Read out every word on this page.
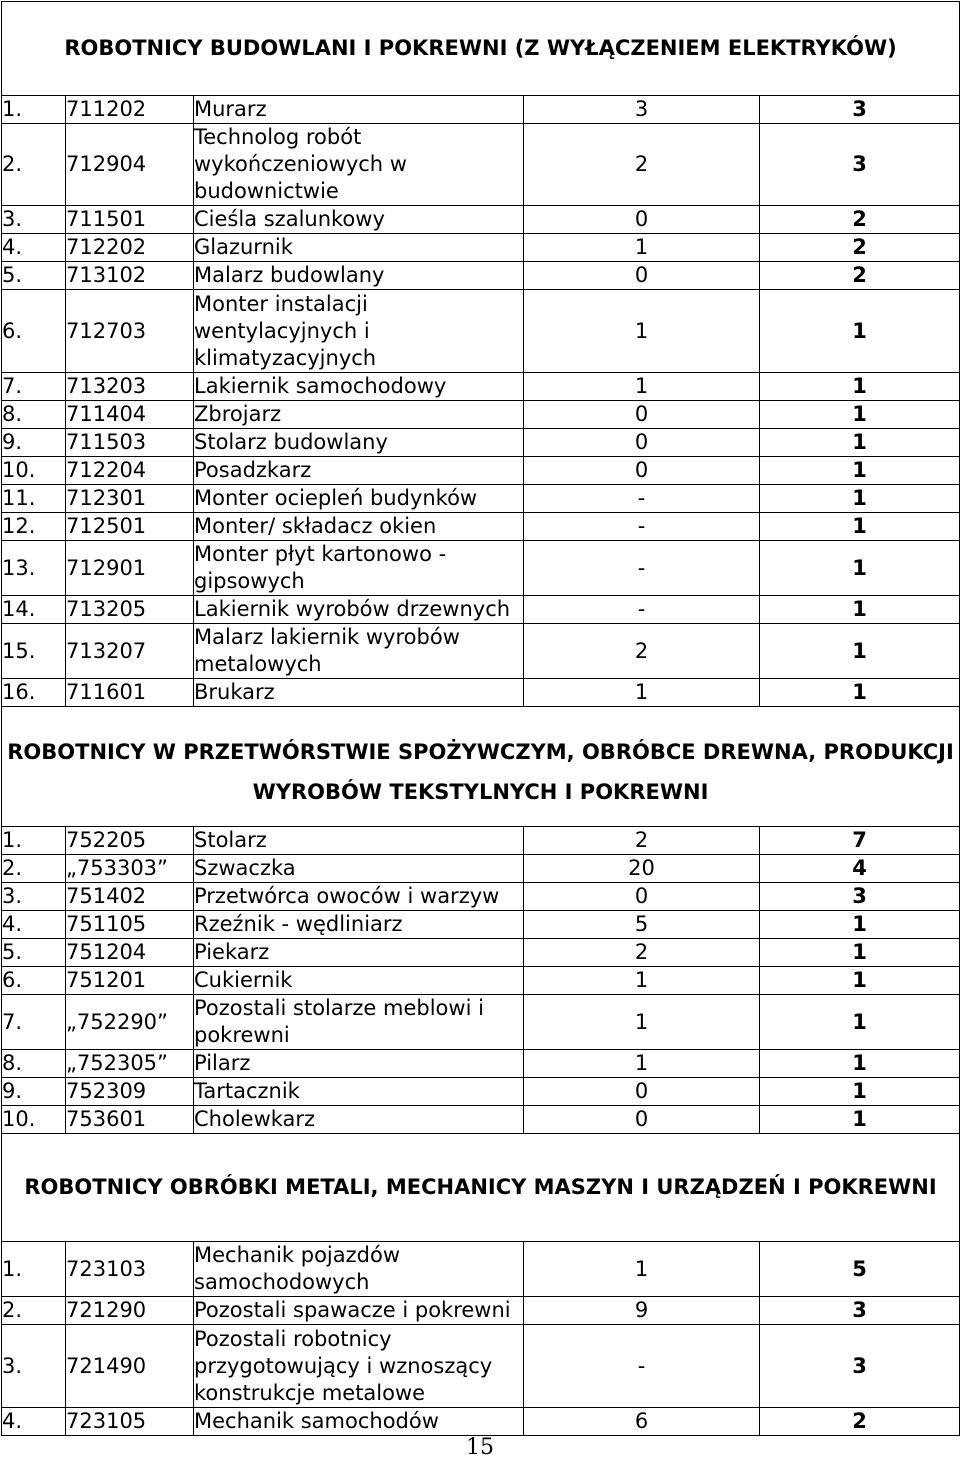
ROBOTNICY BUDOWLANI I POKREWNI (Z WYŁĄCZENIEM ELEKTRYKÓW)				
1.	711202	Murarz	3	3
2.	712904	Technolog robót wykończeniowych w budownictwie	2	3
3.	711501	Cieśla szalunkowy	0	2
4.	712202	Glazurnik	1	2
5.	713102	Malarz budowlany	0	2
6.	712703	Monter instalacji wentylacyjnych i klimatyzacyjnych	1	1
7.	713203	Lakiernik samochodowy	1	1
8.	711404	Zbrojarz	0	1
9.	711503	Stolarz budowlany	0	1
10.	712204	Posadzkarz	0	1
11.	712301	Monter ociepleń budynków	-	1
12.	712501	Monter/ składacz okien	-	1
13.	712901	Monter płyt kartonowo - gipsowych	-	1
14.	713205	Lakiernik wyrobów drzewnych	-	1
15.	713207	Malarz lakiernik wyrobów metalowych	2	1
16.	711601	Brukarz	1	1
ROBOTNICY W PRZETWÓRSTWIE SPOŻYWCZYM, OBRÓBCE DREWNA, PRODUKCJI WYROBÓW TEKSTYLNYCH I POKREWNI				
1.	752205	Stolarz	2	7
2.	„753303”	Szwaczka	20	4
3.	751402	Przetwórca owoców i warzyw	0	3
4.	751105	Rzeźnik - wędliniarz	5	1
5.	751204	Piekarz	2	1
6.	751201	Cukiernik	1	1
7.	„752290”	Pozostali stolarze meblowi i pokrewni	1	1
8.	„752305”	Pilarz	1	1
9.	752309	Tartacznik	0	1
10.	753601	Cholewkarz	0	1
ROBOTNICY OBRÓBKI METALI, MECHANICY MASZYN I URZĄDZEŃ I POKREWNI				
1.	723103	Mechanik pojazdów samochodowych	1	5
2.	721290	Pozostali spawacze i pokrewni	9	3
3.	721490	Pozostali robotnicy przygotowujący i wznoszący konstrukcje metalowe	-	3
4.	723105	Mechanik samochodów	6	2
15
